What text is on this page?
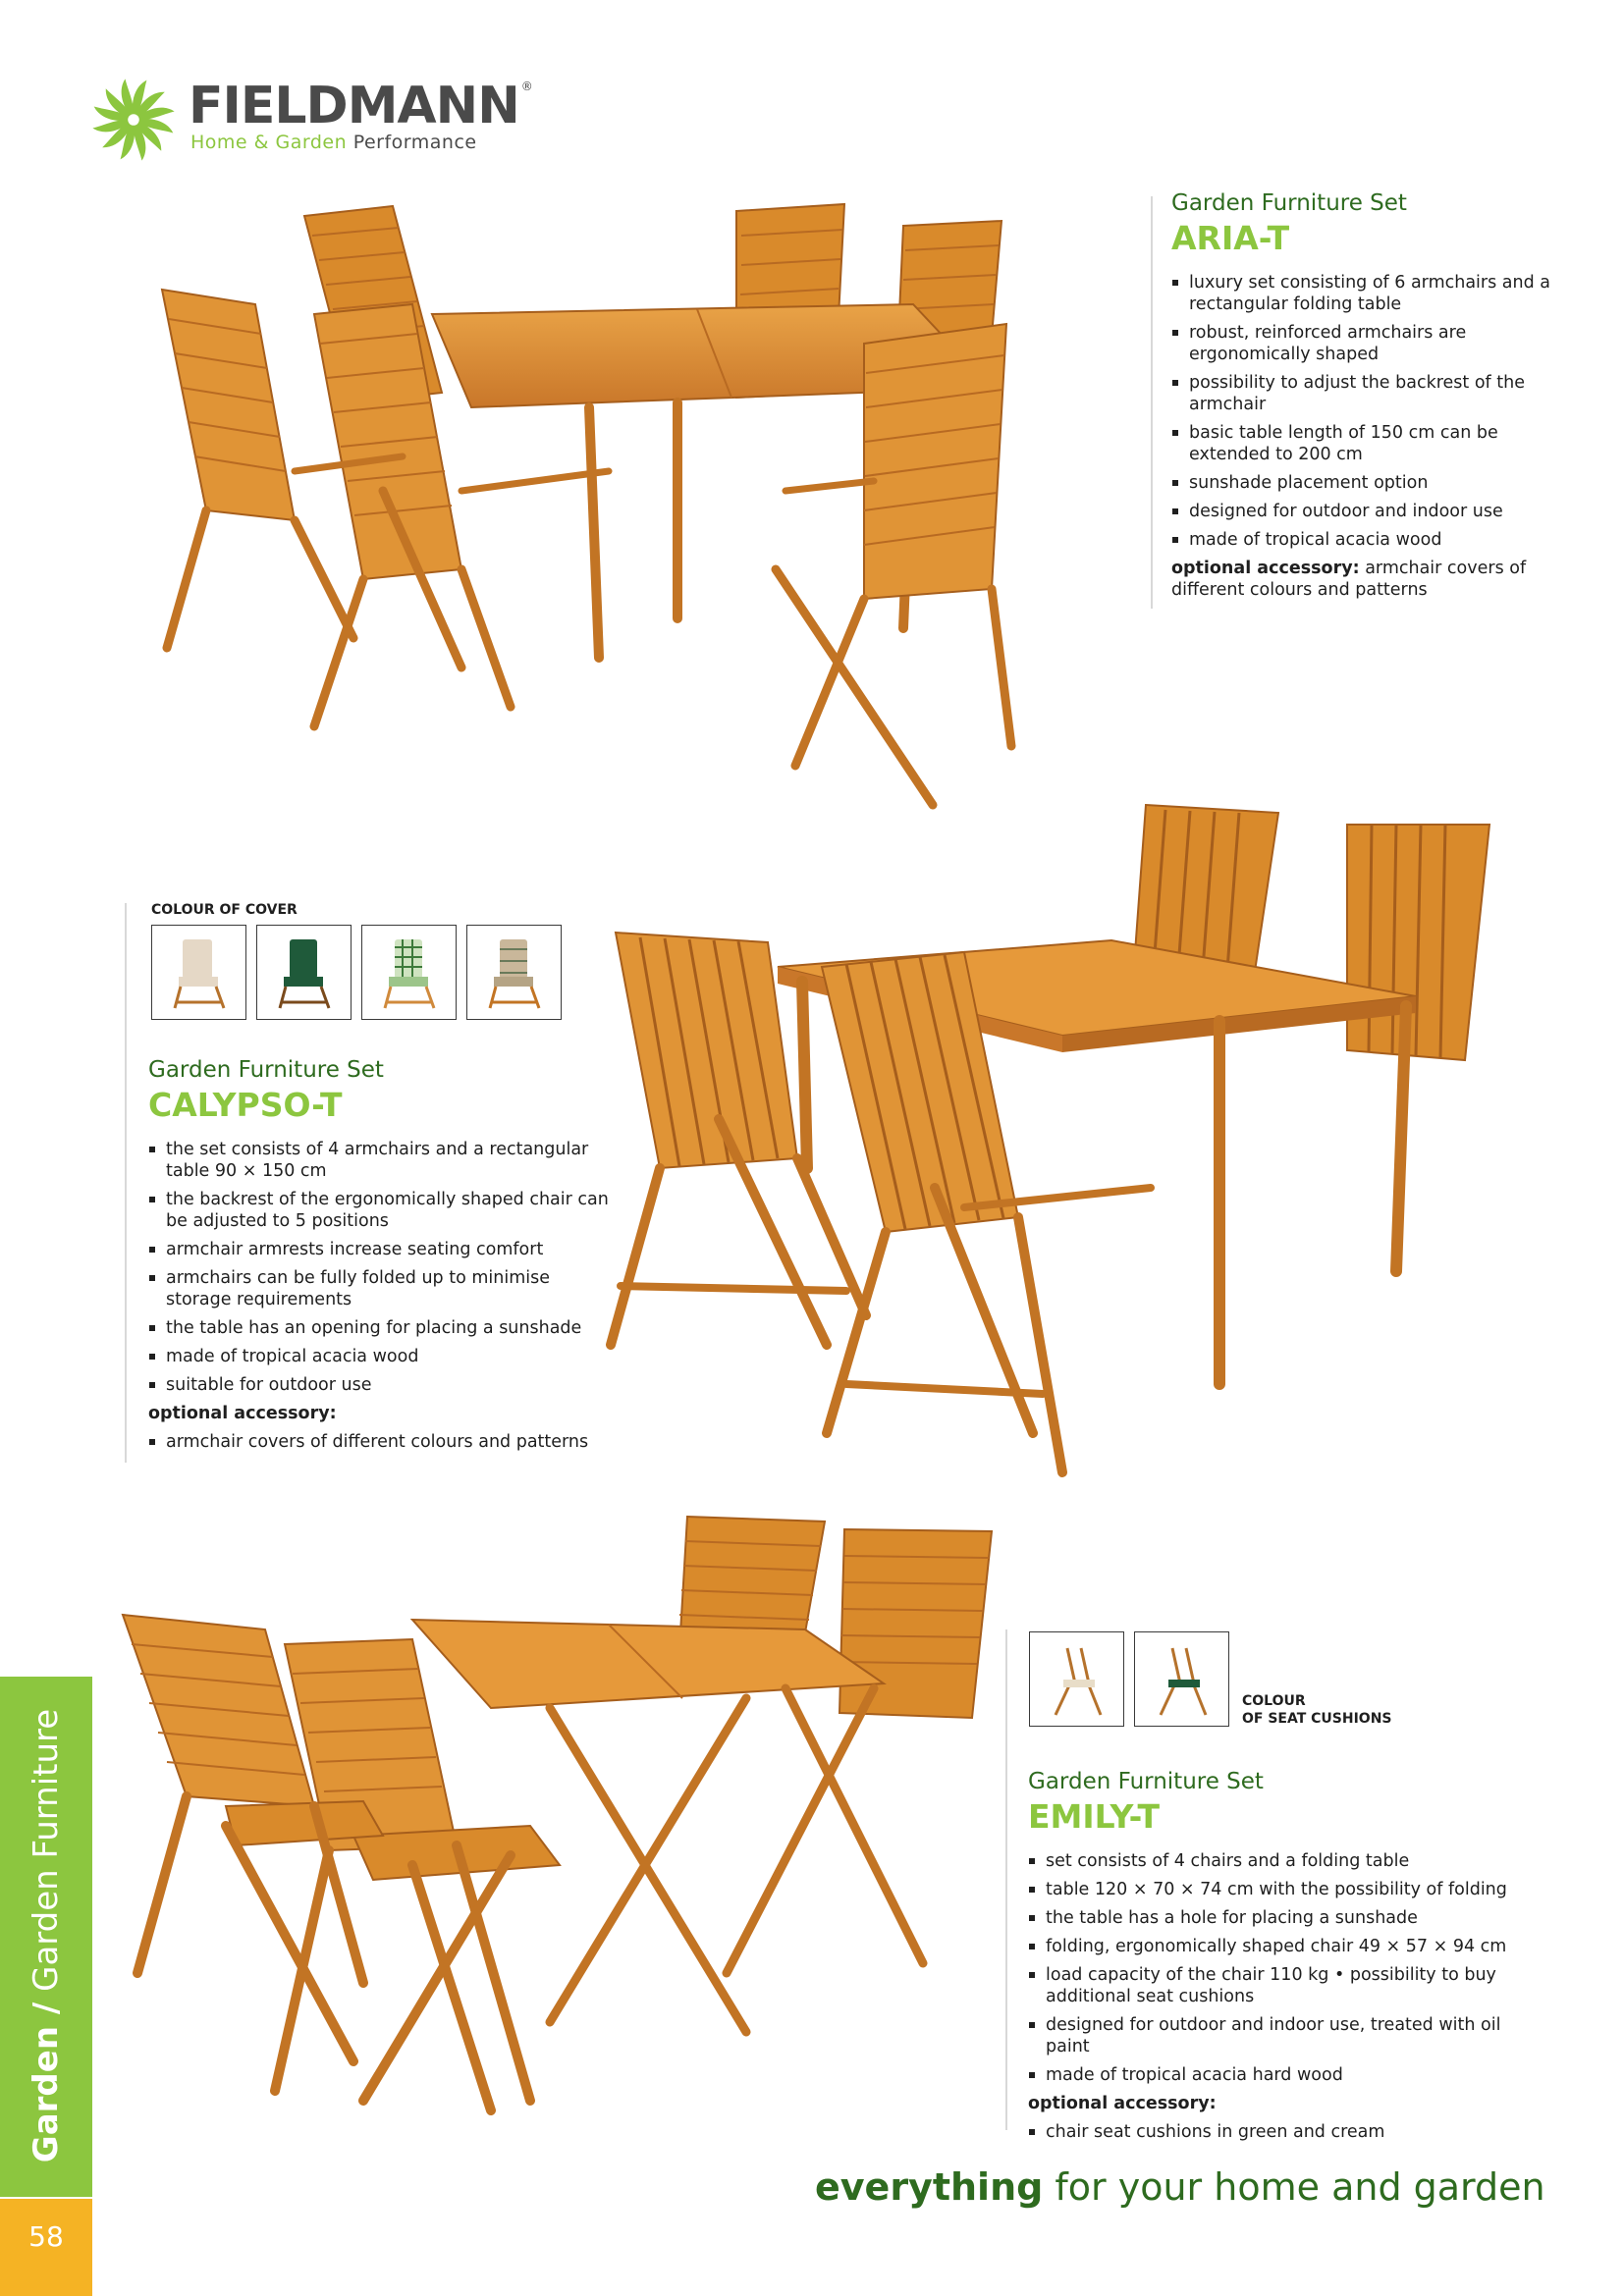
FIELDMANN ®
Home & Garden Performance
Garden Furniture Set
ARIA-T
luxury set consisting of 6 armchairs and a rectangular folding table
robust, reinforced armchairs are ergonomically shaped
possibility to adjust the backrest of the armchair
basic table length of 150 cm can be extended to 200 cm
sunshade placement option
designed for outdoor and indoor use
made of tropical acacia wood
optional accessory: armchair covers of different colours and patterns
COLOUR OF COVER
Garden Furniture Set
CALYPSO-T
the set consists of 4 armchairs and a rectangular table 90 × 150 cm
the backrest of the ergonomically shaped chair can be adjusted to 5 positions
armchair armrests increase seating comfort
armchairs can be fully folded up to minimise storage requirements
the table has an opening for placing a sunshade
made of tropical acacia wood
suitable for outdoor use
optional accessory:
armchair covers of different colours and patterns
COLOUR
OF SEAT CUSHIONS
Garden Furniture Set
EMILY-T
set consists of 4 chairs and a folding table
table 120 × 70 × 74 cm with the possibility of folding
the table has a hole for placing a sunshade
folding, ergonomically shaped chair 49 × 57 × 94 cm
load capacity of the chair 110 kg • possibility to buy additional seat cushions
designed for outdoor and indoor use, treated with oil paint
made of tropical acacia hard wood
optional accessory:
chair seat cushions in green and cream
Garden / Garden Furniture
58
everything for your home and garden
